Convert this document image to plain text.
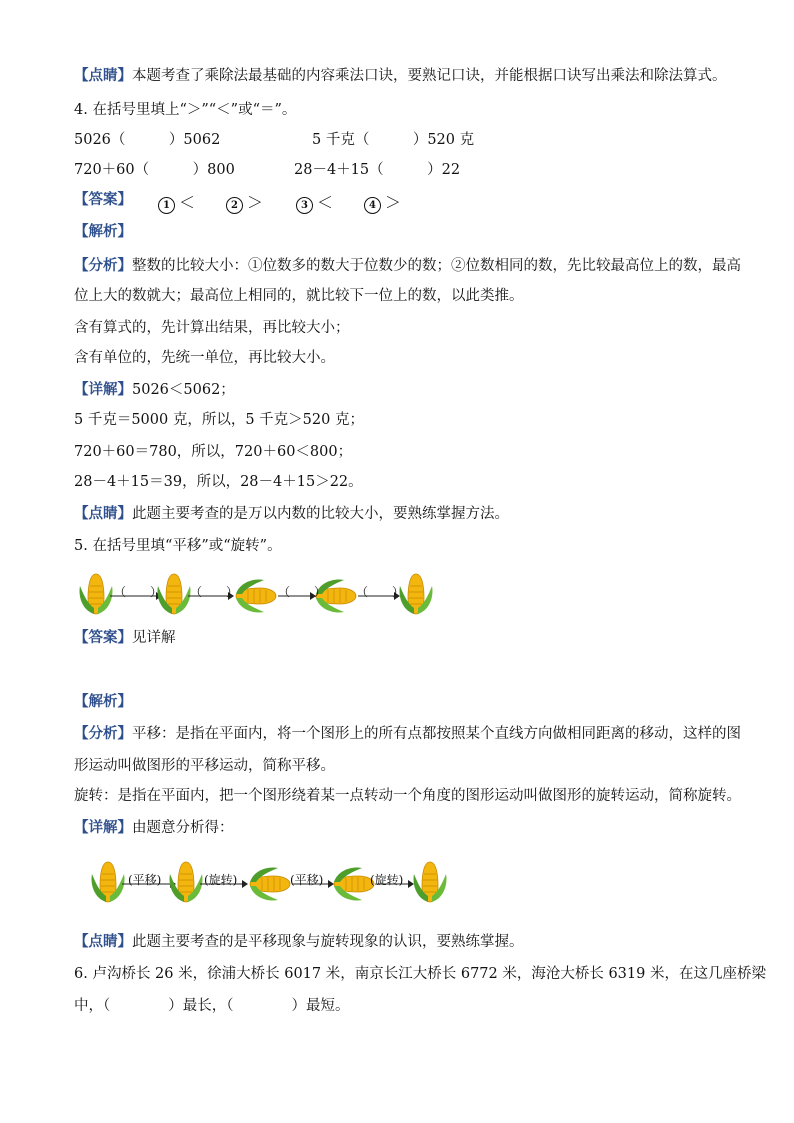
【点睛】本题考查了乘除法最基础的内容乘法口诀，要熟记口诀，并能根据口诀写出乘法和除法算式。
4. 在括号里填上“＞”“＜”或“＝”。
5026（　　　）5062	5 千克（　　　）520 克
720＋60（　　　）800	28－4＋15（　　　）22
【答案】	1 ＜	2 ＞	3 ＜	4 ＞
【解析】
【分析】整数的比较大小：①位数多的数大于位数少的数；②位数相同的数，先比较最高位上的数，最高
位上大的数就大；最高位上相同的，就比较下一位上的数，以此类推。
含有算式的，先计算出结果，再比较大小；
含有单位的，先统一单位，再比较大小。
【详解】5026＜5062；
5 千克＝5000 克，所以，5 千克＞520 克；
720＋60＝780，所以，720＋60＜800；
28－4＋15＝39，所以，28－4＋15＞22。
【点睛】此题主要考查的是万以内数的比较大小，要熟练掌握方法。
5. 在括号里填“平移”或“旋转”。
（　　） （　　）	（　　） （　　）
【答案】见详解
【解析】
【分析】平移：是指在平面内，将一个图形上的所有点都按照某个直线方向做相同距离的移动，这样的图
形运动叫做图形的平移运动，简称平移。
旋转：是指在平面内，把一个图形绕着某一点转动一个角度的图形运动叫做图形的旋转运动，简称旋转。
【详解】由题意分析得：
(平移)	(旋转)	(平移)	(旋转)
【点睛】此题主要考查的是平移现象与旋转现象的认识，要熟练掌握。
6. 卢沟桥长 26 米，徐浦大桥长 6017 米，南京长江大桥长 6772 米，海沧大桥长 6319 米，在这几座桥梁
中，（　　　　）最长，（　　　　）最短。
